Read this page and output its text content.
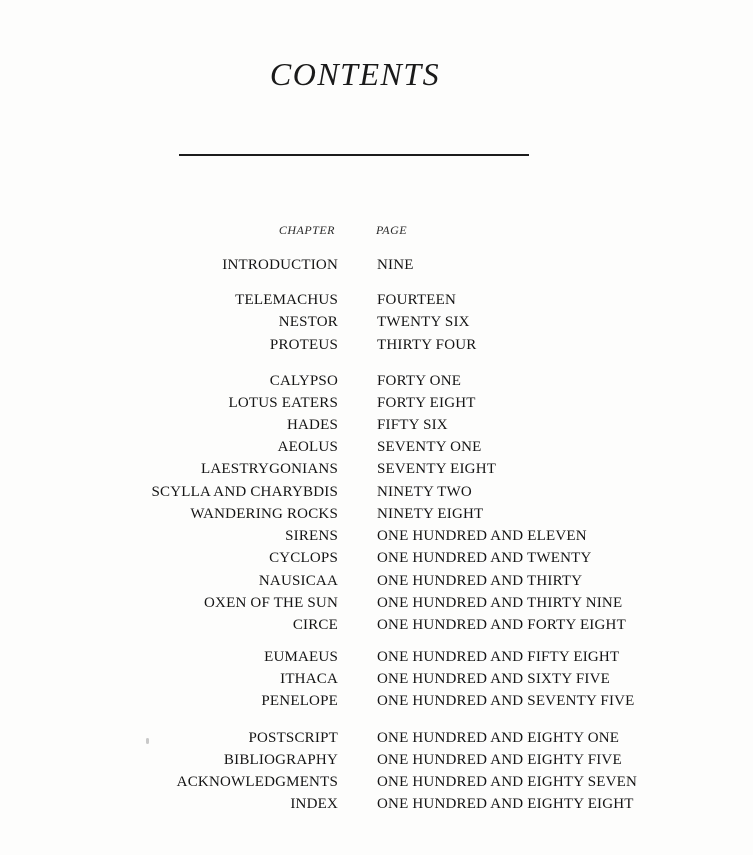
CONTENTS
CHAPTER	PAGE
INTRODUCTION	NINE
TELEMACHUS	FOURTEEN
NESTOR	TWENTY SIX
PROTEUS	THIRTY FOUR
CALYPSO	FORTY ONE
LOTUS EATERS	FORTY EIGHT
HADES	FIFTY SIX
AEOLUS	SEVENTY ONE
LAESTRYGONIANS	SEVENTY EIGHT
SCYLLA AND CHARYBDIS	NINETY TWO
WANDERING ROCKS	NINETY EIGHT
SIRENS	ONE HUNDRED AND ELEVEN
CYCLOPS	ONE HUNDRED AND TWENTY
NAUSICAA	ONE HUNDRED AND THIRTY
OXEN OF THE SUN	ONE HUNDRED AND THIRTY NINE
CIRCE	ONE HUNDRED AND FORTY EIGHT
EUMAEUS	ONE HUNDRED AND FIFTY EIGHT
ITHACA	ONE HUNDRED AND SIXTY FIVE
PENELOPE	ONE HUNDRED AND SEVENTY FIVE
POSTSCRIPT	ONE HUNDRED AND EIGHTY ONE
BIBLIOGRAPHY	ONE HUNDRED AND EIGHTY FIVE
ACKNOWLEDGMENTS	ONE HUNDRED AND EIGHTY SEVEN
INDEX	ONE HUNDRED AND EIGHTY EIGHT
